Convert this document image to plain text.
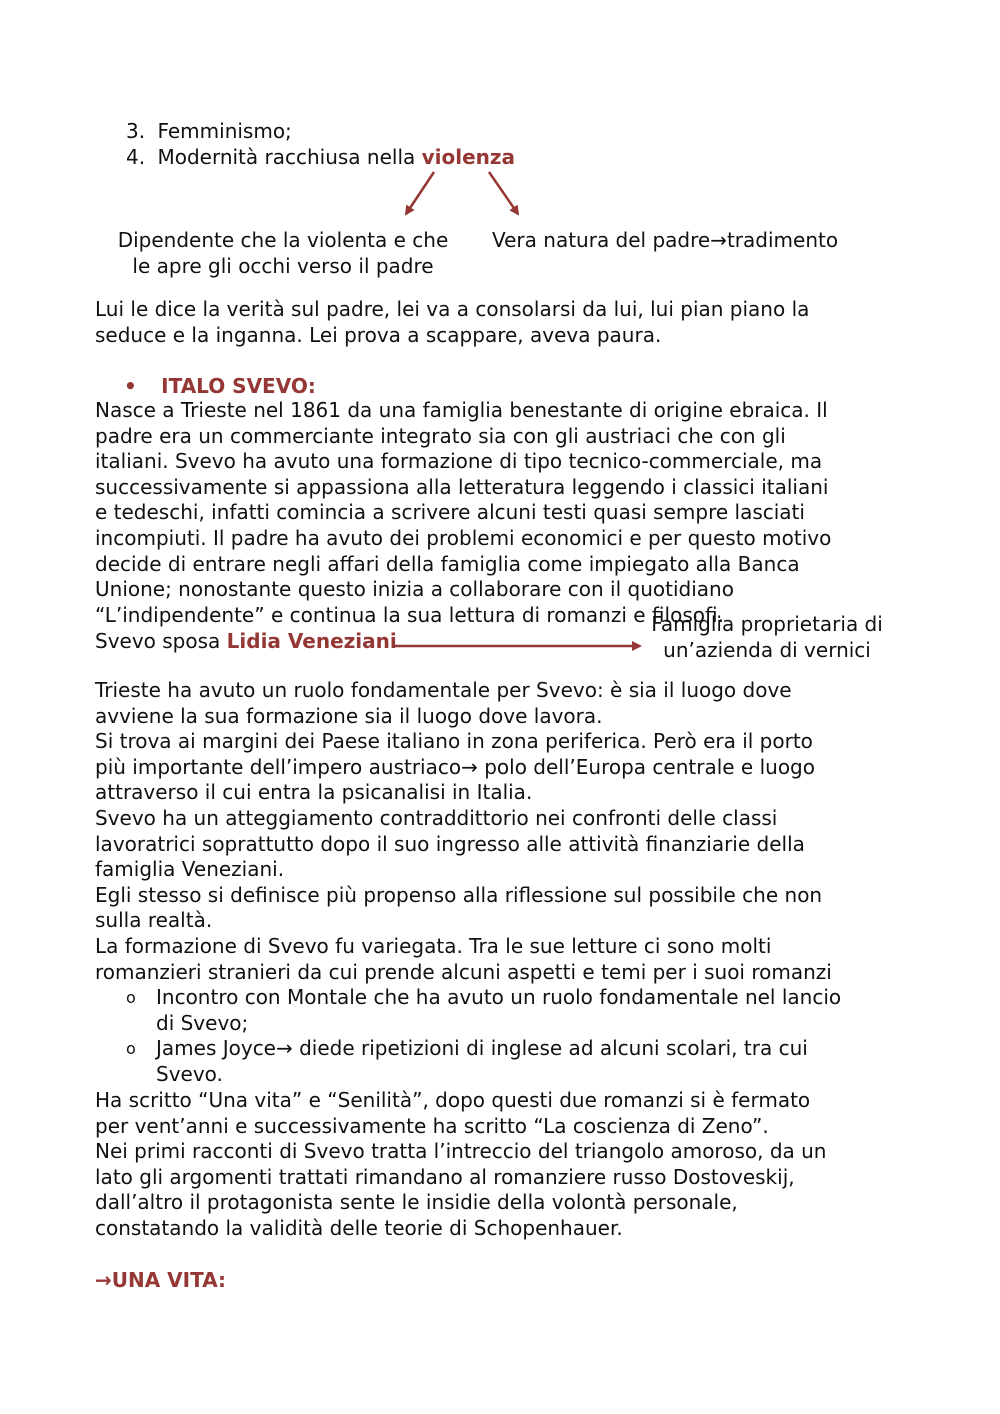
3. Femminismo;
4. Modernità racchiusa nella violenza
Dipendente che la violenta e che
le apre gli occhi verso il padre
Vera natura del padre→tradimento
Lui le dice la verità sul padre, lei va a consolarsi da lui, lui pian piano la
seduce e la inganna. Lei prova a scappare, aveva paura.
• ITALO SVEVO:
Nasce a Trieste nel 1861 da una famiglia benestante di origine ebraica. Il
padre era un commerciante integrato sia con gli austriaci che con gli
italiani. Svevo ha avuto una formazione di tipo tecnico-commerciale, ma
successivamente si appassiona alla letteratura leggendo i classici italiani
e tedeschi, infatti comincia a scrivere alcuni testi quasi sempre lasciati
incompiuti. Il padre ha avuto dei problemi economici e per questo motivo
decide di entrare negli affari della famiglia come impiegato alla Banca
Unione; nonostante questo inizia a collaborare con il quotidiano
“L’indipendente” e continua la sua lettura di romanzi e filosofi.
Svevo sposa Lidia Veneziani
Famiglia proprietaria di
un’azienda di vernici
Trieste ha avuto un ruolo fondamentale per Svevo: è sia il luogo dove
avviene la sua formazione sia il luogo dove lavora.
Si trova ai margini dei Paese italiano in zona periferica. Però era il porto
più importante dell’impero austriaco→ polo dell’Europa centrale e luogo
attraverso il cui entra la psicanalisi in Italia.
Svevo ha un atteggiamento contraddittorio nei confronti delle classi
lavoratrici soprattutto dopo il suo ingresso alle attività finanziarie della
famiglia Veneziani.
Egli stesso si definisce più propenso alla riflessione sul possibile che non
sulla realtà.
La formazione di Svevo fu variegata. Tra le sue letture ci sono molti
romanzieri stranieri da cui prende alcuni aspetti e temi per i suoi romanzi
o Incontro con Montale che ha avuto un ruolo fondamentale nel lancio
di Svevo;
o James Joyce→ diede ripetizioni di inglese ad alcuni scolari, tra cui
Svevo.
Ha scritto “Una vita” e “Senilità”, dopo questi due romanzi si è fermato
per vent’anni e successivamente ha scritto “La coscienza di Zeno”.
Nei primi racconti di Svevo tratta l’intreccio del triangolo amoroso, da un
lato gli argomenti trattati rimandano al romanziere russo Dostoveskij,
dall’altro il protagonista sente le insidie della volontà personale,
constatando la validità delle teorie di Schopenhauer.
→UNA VITA:
